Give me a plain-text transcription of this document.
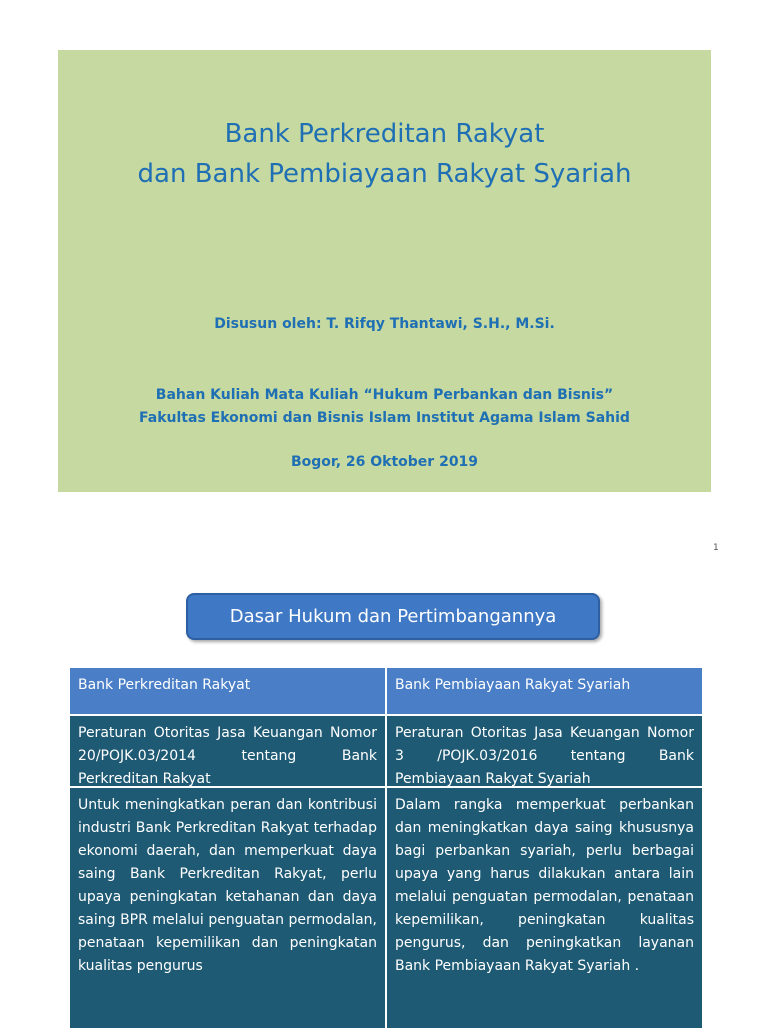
Bank Perkreditan Rakyat
dan Bank Pembiayaan Rakyat Syariah
Disusun oleh: T. Rifqy Thantawi, S.H., M.Si.
Bahan Kuliah Mata Kuliah “Hukum Perbankan dan Bisnis”
Fakultas Ekonomi dan Bisnis Islam Institut Agama Islam Sahid
Bogor, 26 Oktober 2019
1
Dasar Hukum dan Pertimbangannya
Bank Perkreditan Rakyat	Bank Pembiayaan Rakyat Syariah
Peraturan Otoritas Jasa Keuangan Nomor 20/POJK.03/2014 tentang Bank Perkreditan Rakyat
Peraturan Otoritas Jasa Keuangan Nomor 3 /POJK.03/2016 tentang Bank Pembiayaan Rakyat Syariah
Untuk meningkatkan peran dan kontribusi industri Bank Perkreditan Rakyat terhadap ekonomi daerah, dan memperkuat daya saing Bank Perkreditan Rakyat, perlu upaya peningkatan ketahanan dan daya saing BPR melalui penguatan permodalan, penataan kepemilikan dan peningkatan kualitas pengurus
Dalam rangka memperkuat perbankan dan meningkatkan daya saing khususnya bagi perbankan syariah, perlu berbagai upaya yang harus dilakukan antara lain melalui penguatan permodalan, penataan kepemilikan, peningkatan kualitas pengurus, dan peningkatkan layanan Bank Pembiayaan Rakyat Syariah .
